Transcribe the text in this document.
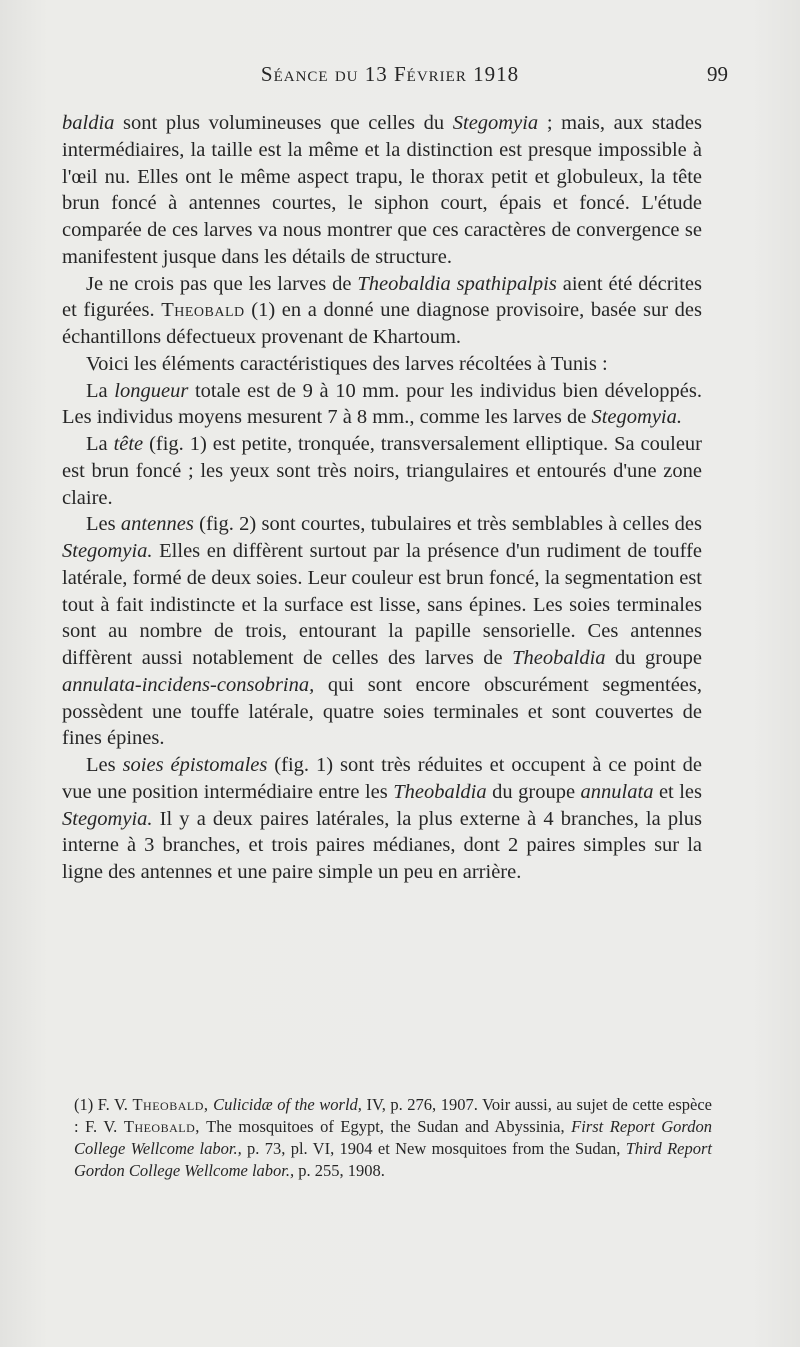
Séance du 13 Février 1918	99

baldia sont plus volumineuses que celles du Stegomyia ; mais, aux stades intermédiaires, la taille est la même et la distinction est presque impossible à l'œil nu. Elles ont le même aspect trapu, le thorax petit et globuleux, la tête brun foncé à antennes courtes, le siphon court, épais et foncé. L'étude comparée de ces larves va nous montrer que ces caractères de convergence se manifestent jusque dans les détails de structure.

Je ne crois pas que les larves de Theobaldia spathipalpis aient été décrites et figurées. Theobald (1) en a donné une diagnose provisoire, basée sur des échantillons défectueux provenant de Khartoum.

Voici les éléments caractéristiques des larves récoltées à Tunis :

La longueur totale est de 9 à 10 mm. pour les individus bien développés. Les individus moyens mesurent 7 à 8 mm., comme les larves de Stegomyia.

La tête (fig. 1) est petite, tronquée, transversalement elliptique. Sa couleur est brun foncé ; les yeux sont très noirs, triangulaires et entourés d'une zone claire.

Les antennes (fig. 2) sont courtes, tubulaires et très semblables à celles des Stegomyia. Elles en diffèrent surtout par la présence d'un rudiment de touffe latérale, formé de deux soies. Leur couleur est brun foncé, la segmentation est tout à fait indistincte et la surface est lisse, sans épines. Les soies terminales sont au nombre de trois, entourant la papille sensorielle. Ces antennes diffèrent aussi notablement de celles des larves de Theobaldia du groupe annulata-incidens-consobrina, qui sont encore obscurément segmentées, possèdent une touffe latérale, quatre soies terminales et sont couvertes de fines épines.

Les soies épistomales (fig. 1) sont très réduites et occupent à ce point de vue une position intermédiaire entre les Theobaldia du groupe annulata et les Stegomyia. Il y a deux paires latérales, la plus externe à 4 branches, la plus interne à 3 branches, et trois paires médianes, dont 2 paires simples sur la ligne des antennes et une paire simple un peu en arrière.

(1) F. V. Theobald, Culicidæ of the world, IV, p. 276, 1907. Voir aussi, au sujet de cette espèce : F. V. Theobald, The mosquitoes of Egypt, the Sudan and Abyssinia, First Report Gordon College Wellcome labor., p. 73, pl. VI, 1904 et New mosquitoes from the Sudan, Third Report Gordon College Wellcome labor., p. 255, 1908.
